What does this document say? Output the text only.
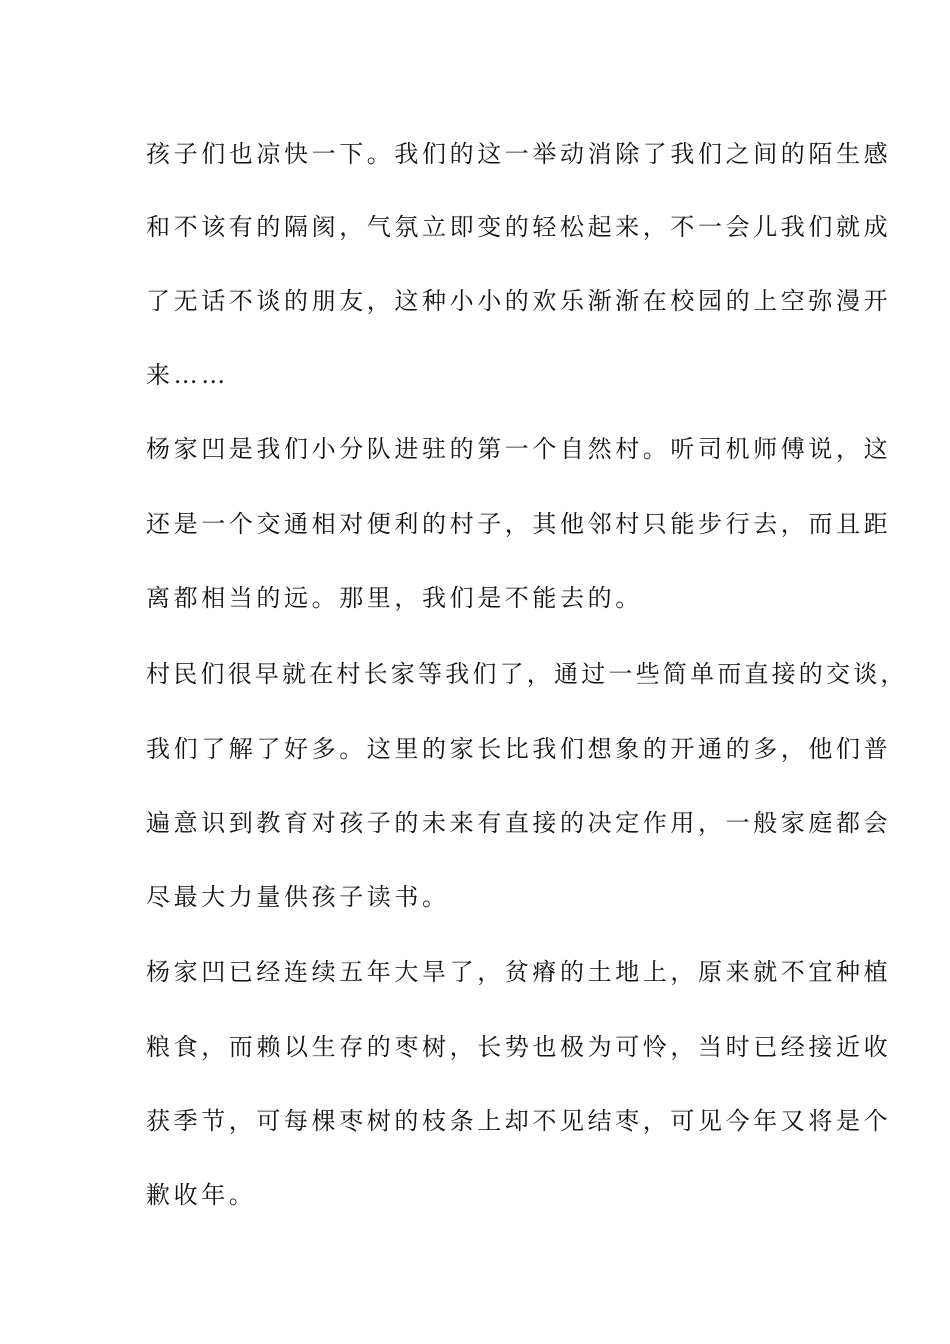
孩子们也凉快一下。我们的这一举动消除了我们之间的陌生感
和不该有的隔阂，气氛立即变的轻松起来，不一会儿我们就成
了无话不谈的朋友，这种小小的欢乐渐渐在校园的上空弥漫开
来……
杨家凹是我们小分队进驻的第一个自然村。听司机师傅说，这
还是一个交通相对便利的村子，其他邻村只能步行去，而且距
离都相当的远。那里，我们是不能去的。
村民们很早就在村长家等我们了，通过一些简单而直接的交谈，
我们了解了好多。这里的家长比我们想象的开通的多，他们普
遍意识到教育对孩子的未来有直接的决定作用，一般家庭都会
尽最大力量供孩子读书。
杨家凹已经连续五年大旱了，贫瘠的土地上，原来就不宜种植
粮食，而赖以生存的枣树，长势也极为可怜，当时已经接近收
获季节，可每棵枣树的枝条上却不见结枣，可见今年又将是个
歉收年。
